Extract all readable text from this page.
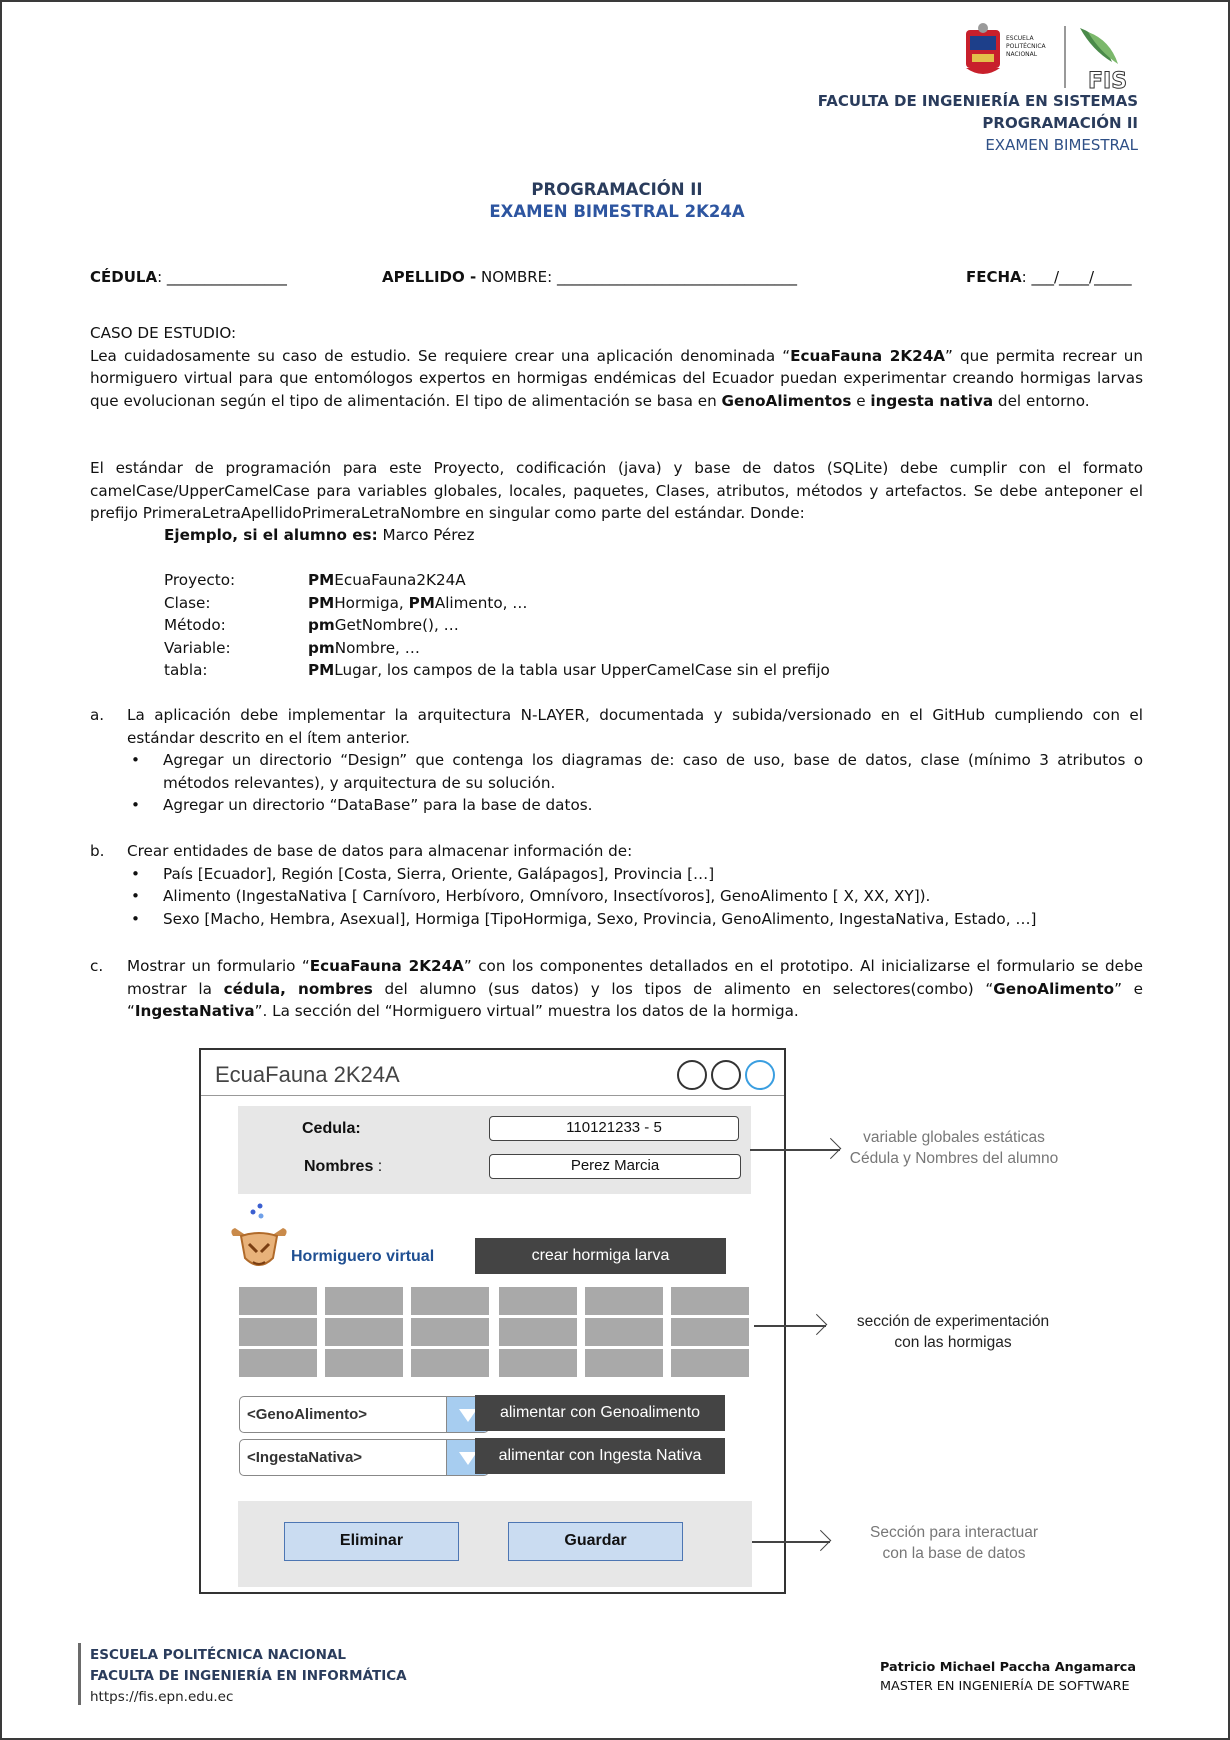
ESCUELA
POLITÉCNICA
NACIONAL
FIS
FACULTA DE INGENIERÍA EN SISTEMAS
PROGRAMACIÓN II
EXAMEN BIMESTRAL
PROGRAMACIÓN II
EXAMEN BIMESTRAL 2K24A
CÉDULA: ________________	APELLIDO - NOMBRE: ________________________________	FECHA: ___/____/_____
CASO DE ESTUDIO:
Lea cuidadosamente su caso de estudio. Se requiere crear una aplicación denominada “EcuaFauna 2K24A” que permita recrear un hormiguero virtual para que entomólogos expertos en hormigas endémicas del Ecuador puedan experimentar creando hormigas larvas que evolucionan según el tipo de alimentación. El tipo de alimentación se basa en GenoAlimentos e ingesta nativa del entorno.
El estándar de programación para este Proyecto, codificación (java) y base de datos (SQLite) debe cumplir con el formato camelCase/UpperCamelCase para variables globales, locales, paquetes, Clases, atributos, métodos y artefactos. Se debe anteponer el prefijo PrimeraLetraApellidoPrimeraLetraNombre en singular como parte del estándar. Donde:
Ejemplo, si el alumno es: Marco Pérez
Proyecto:	PMEcuaFauna2K24A
Clase:	PMHormiga, PMAlimento, …
Método:	pmGetNombre(), …
Variable:	pmNombre, …
tabla:	PMLugar, los campos de la tabla usar UpperCamelCase sin el prefijo
a. La aplicación debe implementar la arquitectura N-LAYER, documentada y subida/versionado en el GitHub cumpliendo con el estándar descrito en el ítem anterior.
• Agregar un directorio “Design” que contenga los diagramas de: caso de uso, base de datos, clase (mínimo 3 atributos o métodos relevantes), y arquitectura de su solución.
• Agregar un directorio “DataBase” para la base de datos.
b. Crear entidades de base de datos para almacenar información de:
• País [Ecuador], Región [Costa, Sierra, Oriente, Galápagos], Provincia […]
• Alimento (IngestaNativa [ Carnívoro, Herbívoro, Omnívoro, Insectívoros], GenoAlimento [ X, XX, XY]).
• Sexo [Macho, Hembra, Asexual], Hormiga [TipoHormiga, Sexo, Provincia, GenoAlimento, IngestaNativa, Estado, …]
c. Mostrar un formulario “EcuaFauna 2K24A” con los componentes detallados en el prototipo. Al inicializarse el formulario se debe mostrar la cédula, nombres del alumno (sus datos) y los tipos de alimento en selectores(combo) “GenoAlimento” e “IngestaNativa”. La sección del “Hormiguero virtual” muestra los datos de la hormiga.
EcuaFauna 2K24A
Cedula:	110121233 - 5
Nombres :	Perez Marcia
Hormiguero virtual	crear hormiga larva
<GenoAlimento>
<IngestaNativa>
alimentar con Genoalimento
alimentar con Ingesta Nativa
Eliminar	Guardar
variable globales estáticas
Cédula y Nombres del alumno
sección de experimentación
con las hormigas
Sección para interactuar
con la base de datos
ESCUELA POLITÉCNICA NACIONAL
FACULTA DE INGENIERÍA EN INFORMÁTICA
https://fis.epn.edu.ec
Patricio Michael Paccha Angamarca
MASTER EN INGENIERÍA DE SOFTWARE
